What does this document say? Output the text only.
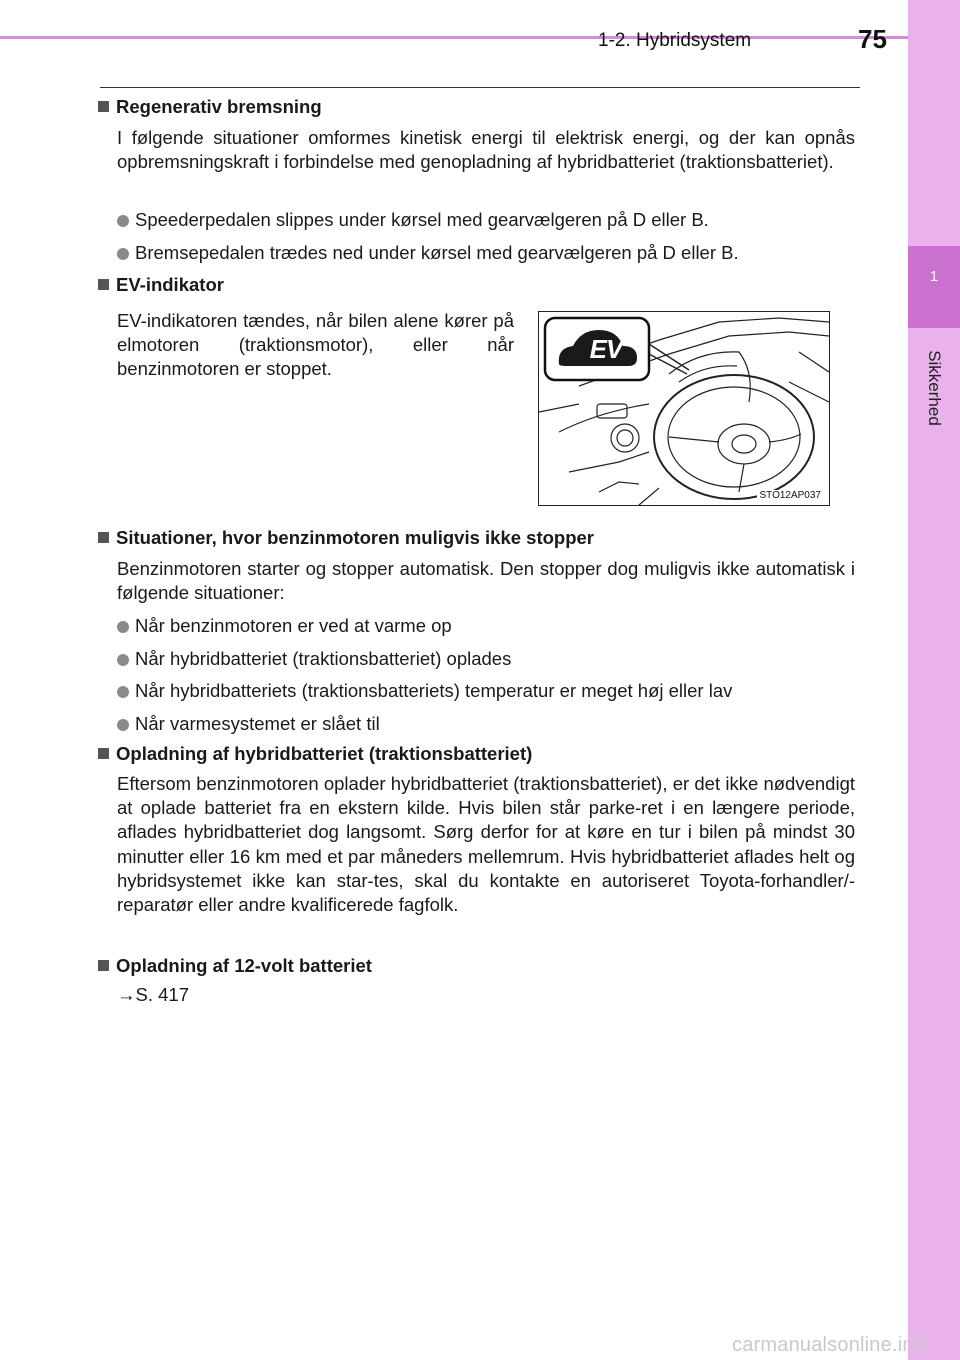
1-2. Hybridsystem	75
1
Sikkerhed
Regenerativ bremsning
I følgende situationer omformes kinetisk energi til elektrisk energi, og der kan opnås opbremsningskraft i forbindelse med genopladning af hybridbatteriet (traktionsbatteriet).
Speederpedalen slippes under kørsel med gearvælgeren på D eller B.
Bremsepedalen trædes ned under kørsel med gearvælgeren på D eller B.
EV-indikator
EV-indikatoren tændes, når bilen alene kører på elmotoren (traktionsmotor), eller når benzinmotoren er stoppet.
EV
STO12AP037
Situationer, hvor benzinmotoren muligvis ikke stopper
Benzinmotoren starter og stopper automatisk. Den stopper dog muligvis ikke automatisk i følgende situationer:
Når benzinmotoren er ved at varme op
Når hybridbatteriet (traktionsbatteriet) oplades
Når hybridbatteriets (traktionsbatteriets) temperatur er meget høj eller lav
Når varmesystemet er slået til
Opladning af hybridbatteriet (traktionsbatteriet)
Eftersom benzinmotoren oplader hybridbatteriet (traktionsbatteriet), er det ikke nødvendigt at oplade batteriet fra en ekstern kilde. Hvis bilen står parke-ret i en længere periode, aflades hybridbatteriet dog langsomt. Sørg derfor for at køre en tur i bilen på mindst 30 minutter eller 16 km med et par måneders mellemrum. Hvis hybridbatteriet aflades helt og hybridsystemet ikke kan star-tes, skal du kontakte en autoriseret Toyota-forhandler/-reparatør eller andre kvalificerede fagfolk.
Opladning af 12-volt batteriet
→S. 417
carmanualsonline.info
